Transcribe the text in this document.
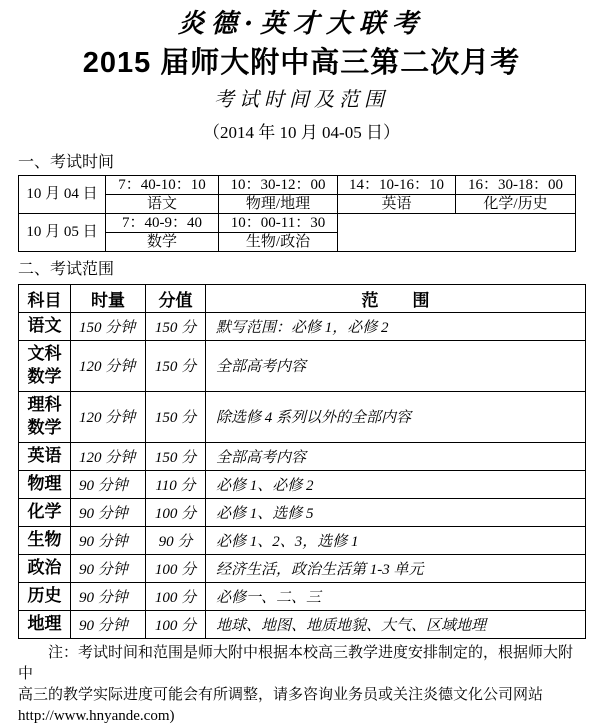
炎德·英才大联考
2015 届师大附中高三第二次月考
考试时间及范围
（2014 年 10 月 04-05 日）
一、考试时间
10 月 04 日	7：40-10：10	10：30-12：00	14：10-16：10	16：30-18：00
	语文	物理/地理	英语	化学/历史
10 月 05 日	7：40-9：40	10：00-11：30		
	数学	生物/政治		
二、考试范围
科目	时量	分值	范　　围
语文	150 分钟	150 分	默写范围：必修 1，必修 2
文科数学	120 分钟	150 分	全部高考内容
理科数学	120 分钟	150 分	除选修 4 系列以外的全部内容
英语	120 分钟	150 分	全部高考内容
物理	90 分钟	110 分	必修 1、必修 2
化学	90 分钟	100 分	必修 1、选修 5
生物	90 分钟	90 分	必修 1、2、3，选修 1
政治	90 分钟	100 分	经济生活，政治生活第 1-3 单元
历史	90 分钟	100 分	必修一、二、三
地理	90 分钟	100 分	地球、地图、地质地貌、大气、区域地理
注：考试时间和范围是师大附中根据本校高三教学进度安排制定的，根据师大附中
高三的教学实际进度可能会有所调整，请多咨询业务员或关注炎德文化公司网站
http://www.hnyande.com)
